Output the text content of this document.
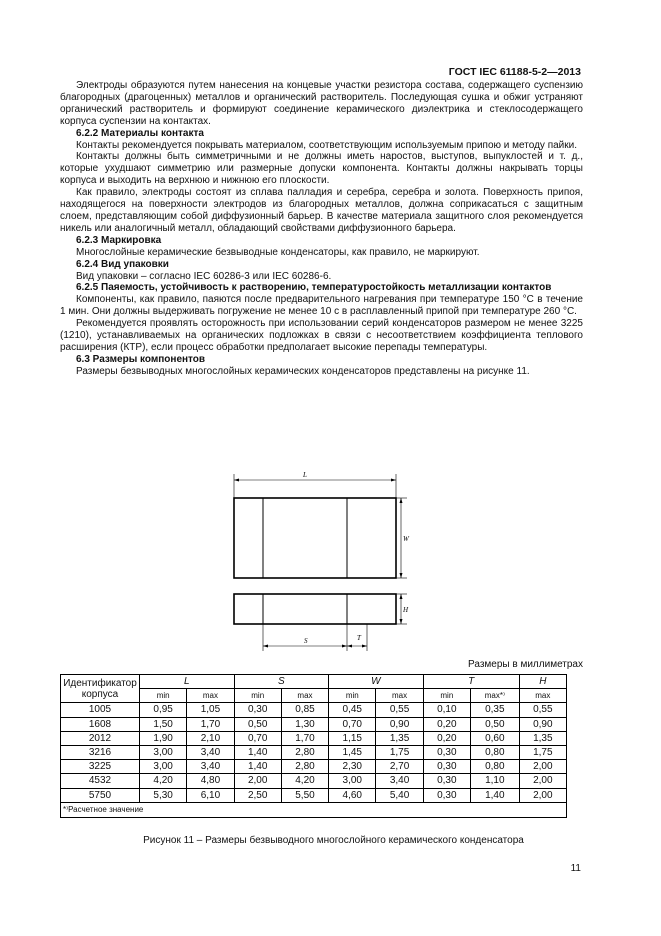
ГОСТ IEC 61188-5-2—2013

Электроды образуются путем нанесения на концевые участки резистора состава, содержащего суспензию благородных (драгоценных) металлов и органический растворитель. Последующая сушка и обжиг устраняют органический растворитель и формируют соединение керамического диэлектрика и стеклосодержащего корпуса суспензии на контактах.

6.2.2 Материалы контакта

Контакты рекомендуется покрывать материалом, соответствующим используемым припою и методу пайки.

Контакты должны быть симметричными и не должны иметь наростов, выступов, выпуклостей и т. д., которые ухудшают симметрию или размерные допуски компонента. Контакты должны накрывать торцы корпуса и выходить на верхнюю и нижнюю его плоскости.

Как правило, электроды состоят из сплава палладия и серебра, серебра и золота. Поверхность припоя, находящегося на поверхности электродов из благородных металлов, должна соприкасаться с защитным слоем, представляющим собой диффузионный барьер. В качестве материала защитного слоя рекомендуется никель или аналогичный металл, обладающий свойствами диффузионного барьера.

6.2.3 Маркировка

Многослойные керамические безвыводные конденсаторы, как правило, не маркируют.

6.2.4 Вид упаковки

Вид упаковки – согласно IEC 60286-3 или IEC 60286-6.

6.2.5 Паяемость, устойчивость к растворению, температуростойкость металлизации контактов

Компоненты, как правило, паяются после предварительного нагревания при температуре 150 °C в течение 1 мин. Они должны выдерживать погружение не менее 10 с в расплавленный припой при температуре 260 °C.

Рекомендуется проявлять осторожность при использовании серий конденсаторов размером не менее 3225 (1210), устанавливаемых на органических подложках в связи с несоответствием коэффициента теплового расширения (КТР), если процесс обработки предполагает высокие перепады температуры.

6.3 Размеры компонентов

Размеры безвыводных многослойных керамических конденсаторов представлены на рисунке 11.

L
W
H
S	T
Размеры в миллиметрах
Идентификатор корпуса	L		S		W		T		H
	min	max	min	max	min	max	min	max*⁾	max
1005	0,95	1,05	0,30	0,85	0,45	0,55	0,10	0,35	0,55
1608	1,50	1,70	0,50	1,30	0,70	0,90	0,20	0,50	0,90
2012	1,90	2,10	0,70	1,70	1,15	1,35	0,20	0,60	1,35
3216	3,00	3,40	1,40	2,80	1,45	1,75	0,30	0,80	1,75
3225	3,00	3,40	1,40	2,80	2,30	2,70	0,30	0,80	2,00
4532	4,20	4,80	2,00	4,20	3,00	3,40	0,30	1,10	2,00
5750	5,30	6,10	2,50	5,50	4,60	5,40	0,30	1,40	2,00
*⁾Расчетное значение									
Рисунок 11 – Размеры безвыводного многослойного керамического конденсатора
11
